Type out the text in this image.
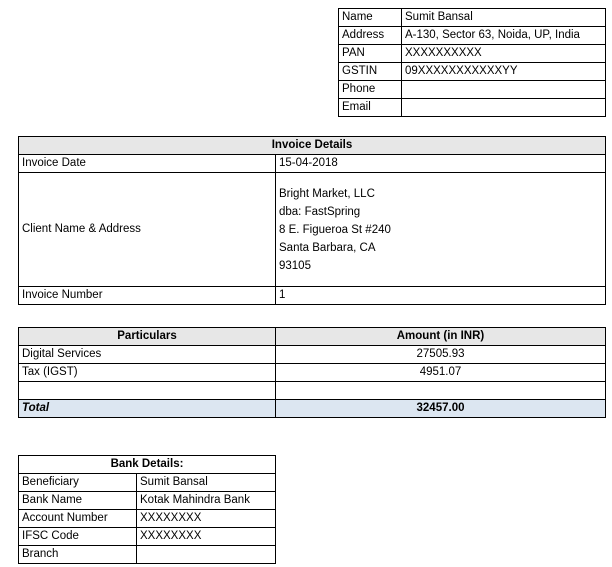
Name	Sumit Bansal
Address	A-130, Sector 63, Noida, UP, India
PAN	XXXXXXXXXX
GSTIN	09XXXXXXXXXXXYY
Phone	
Email	
Invoice Details	
Invoice Date	15-04-2018
Client Name & Address	Bright Market, LLC
dba: FastSpring
8 E. Figueroa St #240
Santa Barbara, CA
93105

Invoice Number	1
Particulars	Amount (in INR)
Digital Services	27505.93
Tax (IGST)	4951.07

Total	32457.00
Bank Details:	
Beneficiary	Sumit Bansal
Bank Name	Kotak Mahindra Bank
Account Number	XXXXXXXX
IFSC Code	XXXXXXXX
Branch	
